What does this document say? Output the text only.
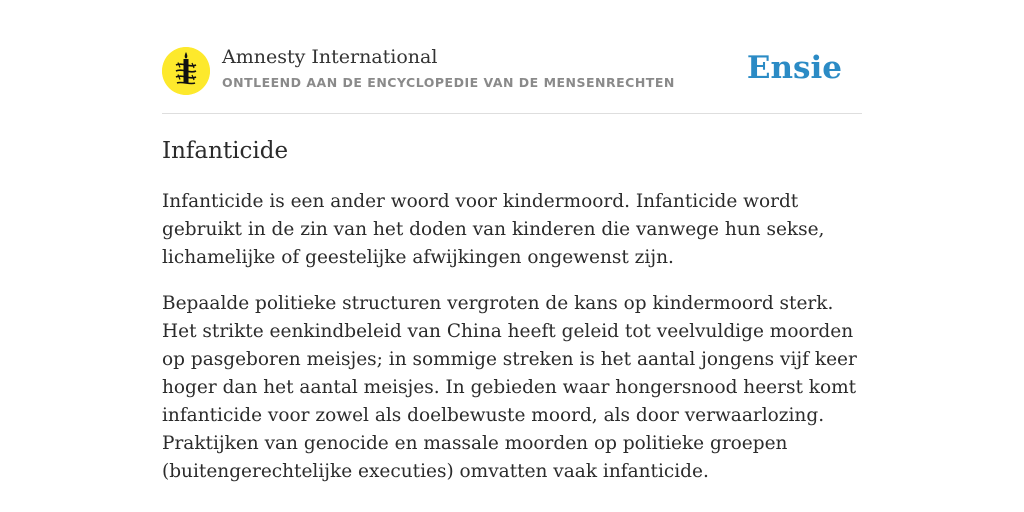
Amnesty International
ONTLEEND AAN DE ENCYCLOPEDIE VAN DE MENSENRECHTEN Ensie
Infanticide

Infanticide is een ander woord voor kindermoord. Infanticide wordt gebruikt in de zin van het doden van kinderen die vanwege hun sekse, lichamelijke of geestelijke afwijkingen ongewenst zijn.

Bepaalde politieke structuren vergroten de kans op kindermoord sterk. Het strikte eenkindbeleid van China heeft geleid tot veelvuldige moorden op pasgeboren meisjes; in sommige streken is het aantal jongens vijf keer hoger dan het aantal meisjes. In gebieden waar hongersnood heerst komt infanticide voor zowel als doelbewuste moord, als door verwaarlozing. Praktijken van genocide en massale moorden op politieke groepen (buitengerechtelijke executies) omvatten vaak infanticide.
